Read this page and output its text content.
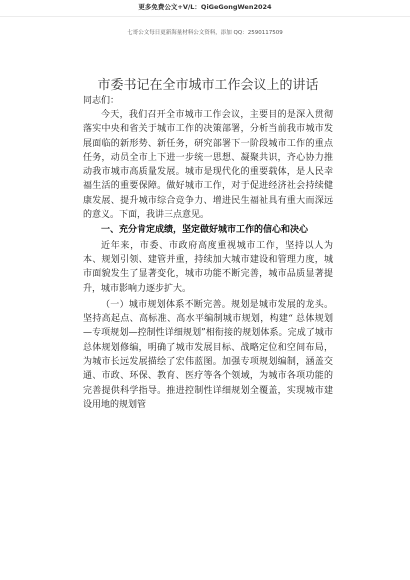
更多免费公文+V/L：QiGeGongWen2024
七哥公文每日更新海量材料公文资料，添加 QQ：2590117509
市委书记在全市城市工作会议上的讲话

同志们：

今天，我们召开全市城市工作会议，主要目的是深入贯彻落实中央和省关于城市工作的决策部署，分析当前我市城市发展面临的新形势、新任务，研究部署下一阶段城市工作的重点任务，动员全市上下进一步统一思想、凝聚共识，齐心协力推动我市城市高质量发展。城市是现代化的重要载体，是人民幸福生活的重要保障。做好城市工作，对于促进经济社会持续健康发展、提升城市综合竞争力、增进民生福祉具有重大而深远的意义。下面，我讲三点意见。

一、充分肯定成绩，坚定做好城市工作的信心和决心

近年来，市委、市政府高度重视城市工作，坚持以人为本、规划引领、建管并重，持续加大城市建设和管理力度，城市面貌发生了显著变化，城市功能不断完善，城市品质显著提升，城市影响力逐步扩大。

（一）城市规划体系不断完善。规划是城市发展的龙头。坚持高起点、高标准、高水平编制城市规划，构建“ 总体规划—专项规划—控制性详细规划”相衔接的规划体系。完成了城市总体规划修编，明确了城市发展目标、战略定位和空间布局，为城市长远发展描绘了宏伟蓝图。加强专项规划编制，涵盖交通、市政、环保、教育、医疗等各个领域，为城市各项功能的完善提供科学指导。推进控制性详细规划全覆盖，实现城市建设用地的规划管
